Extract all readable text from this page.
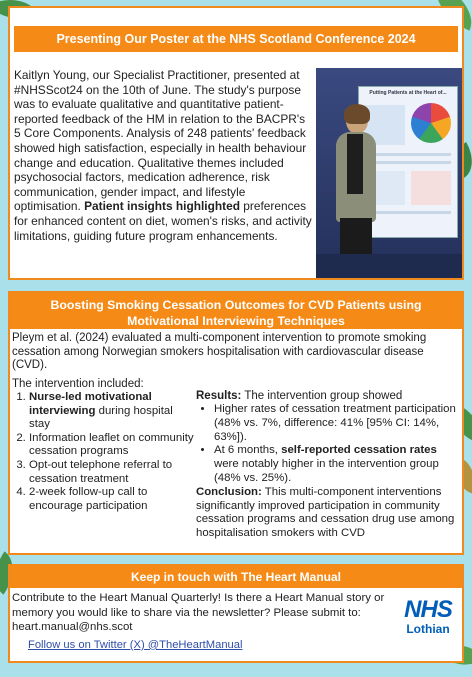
Presenting Our Poster at the NHS Scotland Conference 2024

Kaitlyn Young, our Specialist Practitioner, presented at #NHSScot24 on the 10th of June. The study's purpose was to evaluate qualitative and quantitative patient-reported feedback of the HM in relation to the BACPR's 5 Core Components. Analysis of 248 patients' feedback showed high satisfaction, especially in health behaviour change and education. Qualitative themes included psychosocial factors, medication adherence, risk communication, gender impact, and lifestyle optimisation. Patient insights highlighted preferences for enhanced content on diet, women's risks, and activity limitations, guiding future program enhancements.

Putting Patients at the Heart of...
Boosting Smoking Cessation Outcomes for CVD Patients using Motivational Interviewing Techniques

Pleym et al. (2024) evaluated a multi-component intervention to promote smoking cessation among Norwegian smokers hospitalisation with cardiovascular disease (CVD).

The intervention included:

1. Nurse-led motivational interviewing during hospital stay
2. Information leaflet on community cessation programs
3. Opt-out telephone referral to cessation treatment
4. 2-week follow-up call to encourage participation

Results: The intervention group showed

• Higher rates of cessation treatment participation (48% vs. 7%, difference: 41% [95% CI: 14%, 63%]).
• At 6 months, self-reported cessation rates were notably higher in the intervention group (48% vs. 25%).

Conclusion: This multi-component interventions significantly improved participation in community cessation programs and cessation drug use among hospitalisation smokers with CVD

Keep in touch with The Heart Manual

Contribute to the Heart Manual Quarterly! Is there a Heart Manual story or memory you would like to share via the newsletter? Please submit to: heart.manual@nhs.scot

Follow us on Twitter (X) @TheHeartManual
NHS
Lothian
